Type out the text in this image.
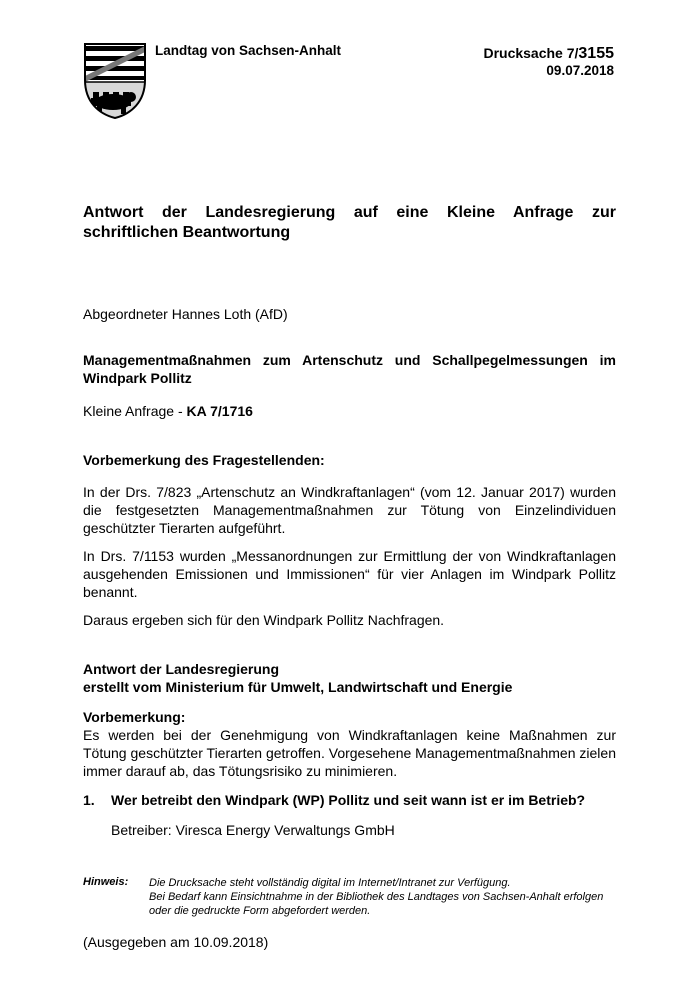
Landtag von Sachsen-Anhalt	Drucksache 7/3155
09.07.2018
Antwort der Landesregierung auf eine Kleine Anfrage zur schriftlichen Beantwortung
Abgeordneter Hannes Loth (AfD)
Managementmaßnahmen zum Artenschutz und Schallpegelmessungen im Windpark Pollitz
Kleine Anfrage - KA 7/1716
Vorbemerkung des Fragestellenden:
In der Drs. 7/823 „Artenschutz an Windkraftanlagen“ (vom 12. Januar 2017) wurden die festgesetzten Managementmaßnahmen zur Tötung von Einzelindividuen geschützter Tierarten aufgeführt.
In Drs. 7/1153 wurden „Messanordnungen zur Ermittlung der von Windkraftanlagen ausgehenden Emissionen und Immissionen“ für vier Anlagen im Windpark Pollitz benannt.
Daraus ergeben sich für den Windpark Pollitz Nachfragen.
Antwort der Landesregierung
erstellt vom Ministerium für Umwelt, Landwirtschaft und Energie
Vorbemerkung:
Es werden bei der Genehmigung von Windkraftanlagen keine Maßnahmen zur Tötung geschützter Tierarten getroffen. Vorgesehene Managementmaßnahmen zielen immer darauf ab, das Tötungsrisiko zu minimieren.
1. Wer betreibt den Windpark (WP) Pollitz und seit wann ist er im Betrieb?
Betreiber: Viresca Energy Verwaltungs GmbH
Hinweis: Die Drucksache steht vollständig digital im Internet/Intranet zur Verfügung.
Bei Bedarf kann Einsichtnahme in der Bibliothek des Landtages von Sachsen-Anhalt erfolgen oder die gedruckte Form abgefordert werden.
(Ausgegeben am 10.09.2018)
